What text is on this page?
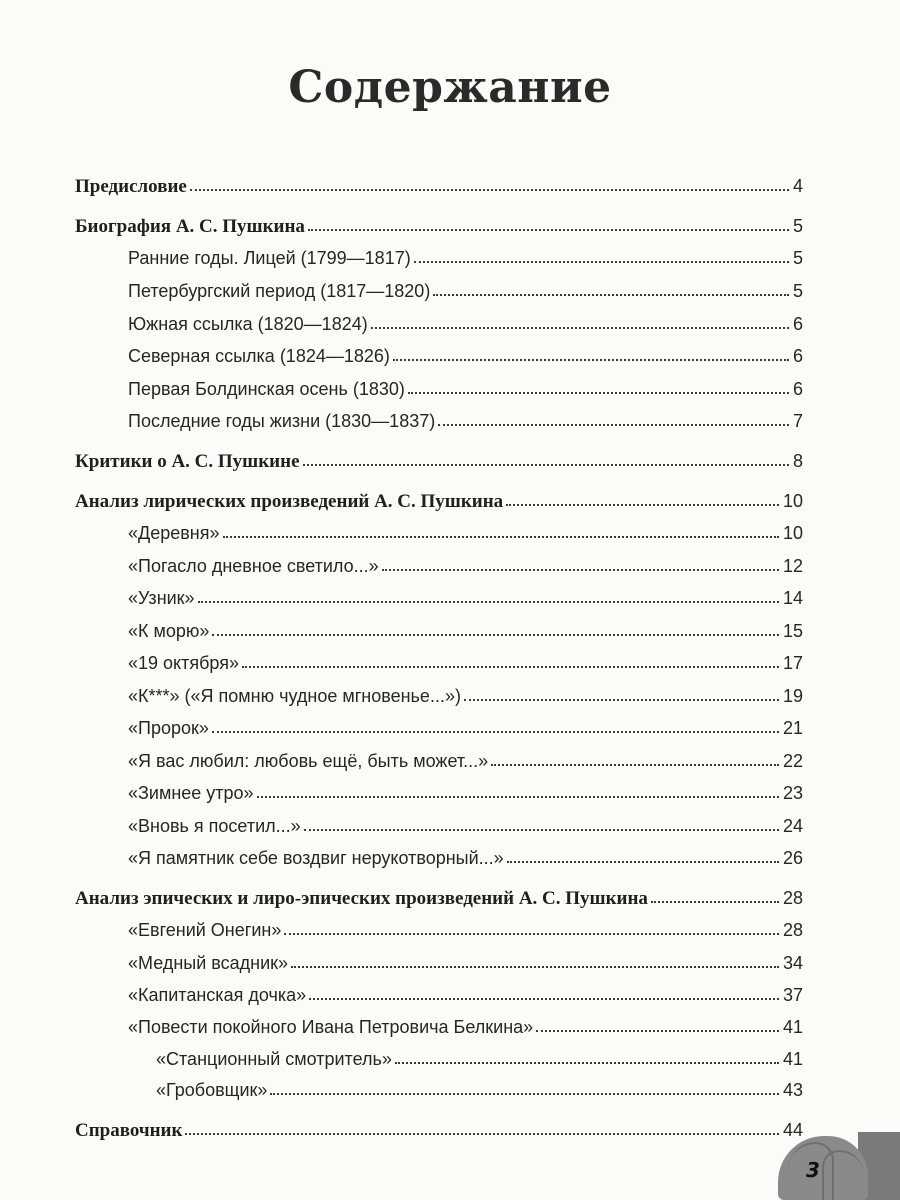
Содержание
Предисловие	4
Биография А. С. Пушкина	5
Ранние годы. Лицей (1799—1817)	5
Петербургский период (1817—1820)	5
Южная ссылка (1820—1824)	6
Северная ссылка (1824—1826)	6
Первая Болдинская осень (1830)	6
Последние годы жизни (1830—1837)	7
Критики о А. С. Пушкине	8
Анализ лирических произведений А. С. Пушкина	10
«Деревня»	10
«Погасло дневное светило...»	12
«Узник»	14
«К морю»	15
«19 октября»	17
«К***» («Я помню чудное мгновенье...»)	19
«Пророк»	21
«Я вас любил: любовь ещё, быть может...»	22
«Зимнее утро»	23
«Вновь я посетил...»	24
«Я памятник себе воздвиг нерукотворный...»	26
Анализ эпических и лиро-эпических произведений А. С. Пушкина	28
«Евгений Онегин»	28
«Медный всадник»	34
«Капитанская дочка»	37
«Повести покойного Ивана Петровича Белкина»	41
«Станционный смотритель»	41
«Гробовщик»	43
Справочник	44
3
